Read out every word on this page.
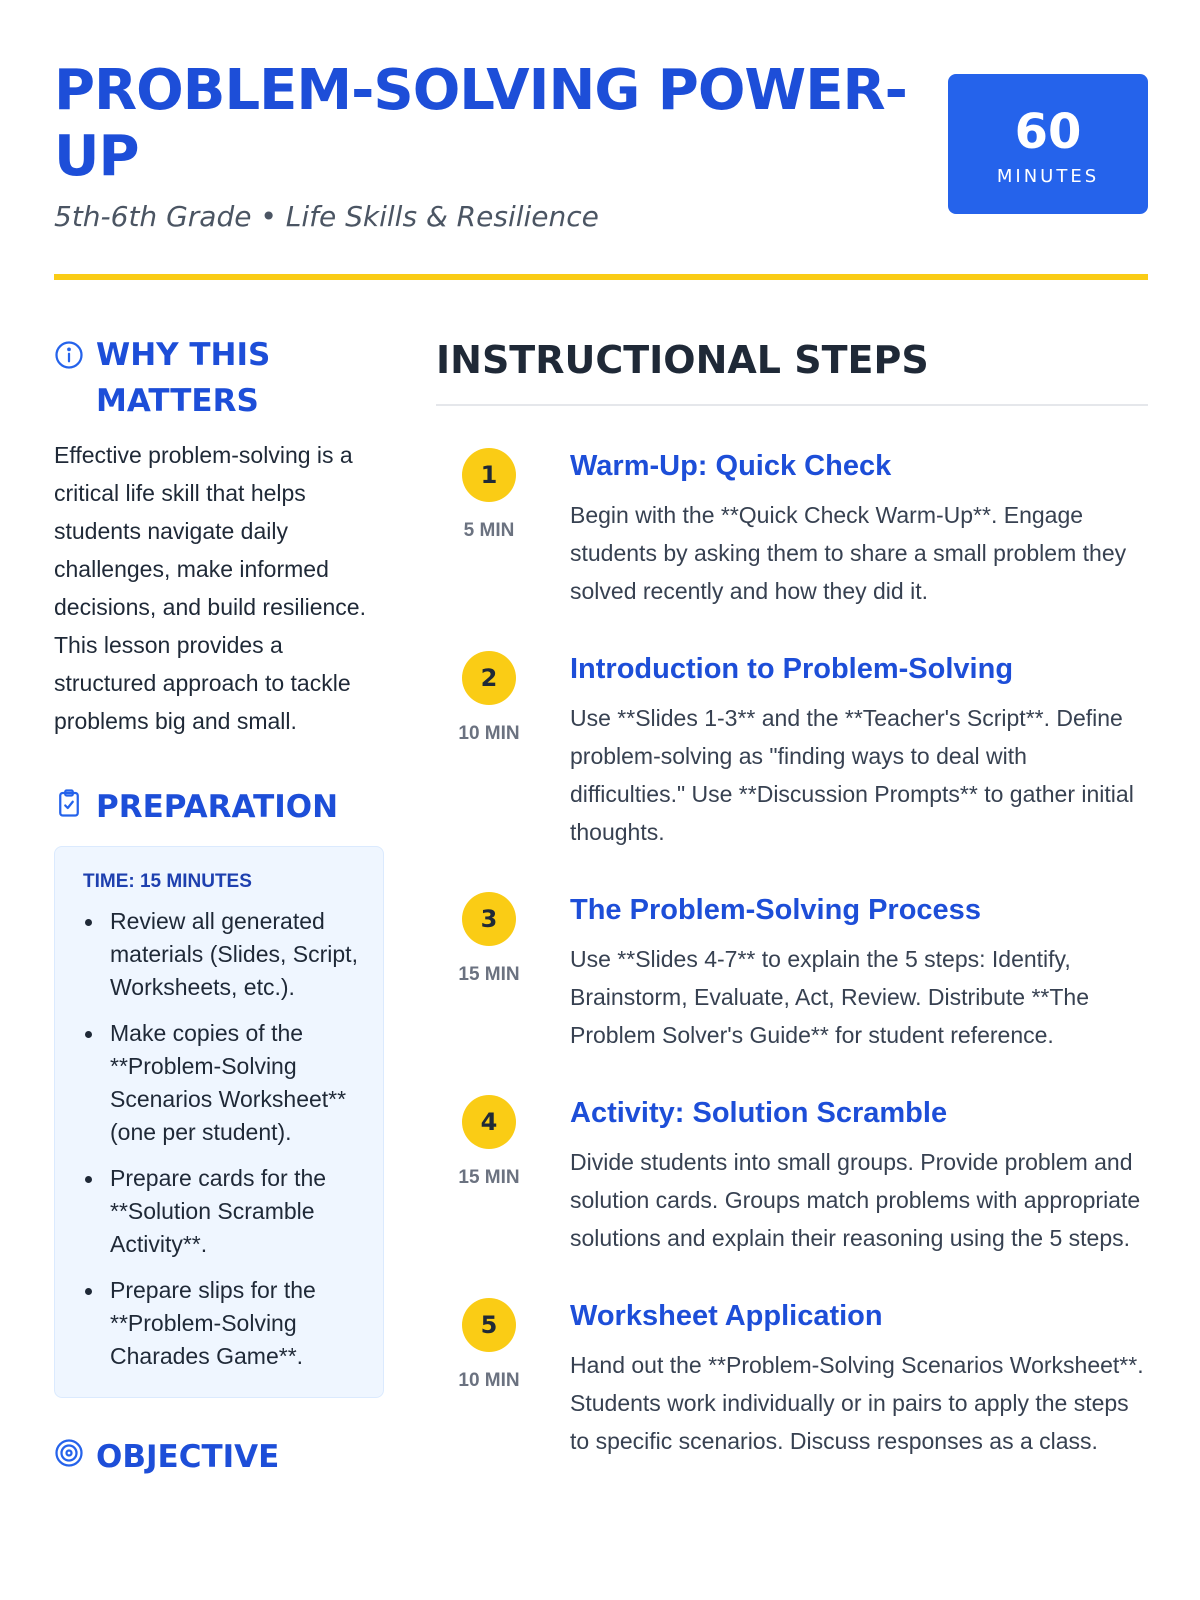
PROBLEM-SOLVING POWER-UP
5th-6th Grade • Life Skills & Resilience
60
MINUTES
WHY THIS
MATTERS

Effective problem-solving is a critical life skill that helps students navigate daily challenges, make informed decisions, and build resilience. This lesson provides a structured approach to tackle problems big and small.

PREPARATION
TIME: 15 MINUTES
Review all generated materials (Slides, Script, Worksheets, etc.).
Make copies of the **Problem-Solving Scenarios Worksheet** (one per student).
Prepare cards for the **Solution Scramble Activity**.
Prepare slips for the **Problem-Solving Charades Game**.
OBJECTIVE
INSTRUCTIONAL STEPS
1
5 MIN
Warm-Up: Quick Check

Begin with the **Quick Check Warm-Up**. Engage students by asking them to share a small problem they solved recently and how they did it.

2
10 MIN
Introduction to Problem-Solving

Use **Slides 1-3** and the **Teacher's Script**. Define problem-solving as "finding ways to deal with difficulties." Use **Discussion Prompts** to gather initial thoughts.

3
15 MIN
The Problem-Solving Process

Use **Slides 4-7** to explain the 5 steps: Identify, Brainstorm, Evaluate, Act, Review. Distribute **The Problem Solver's Guide** for student reference.

4
15 MIN
Activity: Solution Scramble

Divide students into small groups. Provide problem and solution cards. Groups match problems with appropriate solutions and explain their reasoning using the 5 steps.

5
10 MIN
Worksheet Application

Hand out the **Problem-Solving Scenarios Worksheet**. Students work individually or in pairs to apply the steps to specific scenarios. Discuss responses as a class.
